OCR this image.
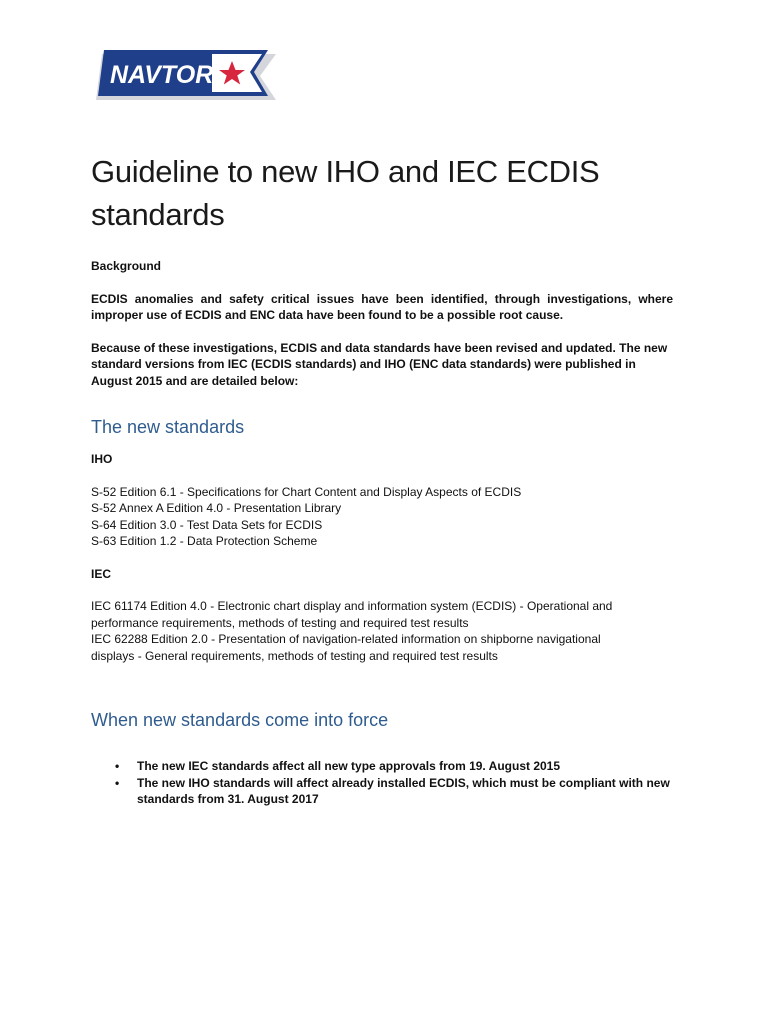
NAVTOR
Guideline to new IHO and IEC ECDIS standards

Background

ECDIS anomalies and safety critical issues have been identified, through investigations, where improper use of ECDIS and ENC data have been found to be a possible root cause.

Because of these investigations, ECDIS and data standards have been revised and updated. The new
standard versions from IEC (ECDIS standards) and IHO (ENC data standards) were published in
August 2015 and are detailed below:

The new standards

IHO

S-52 Edition 6.1 - Specifications for Chart Content and Display Aspects of ECDIS
S-52 Annex A Edition 4.0 - Presentation Library
S-64 Edition 3.0 - Test Data Sets for ECDIS
S-63 Edition 1.2 - Data Protection Scheme

IEC

IEC 61174 Edition 4.0 - Electronic chart display and information system (ECDIS) - Operational and
performance requirements, methods of testing and required test results
IEC 62288 Edition 2.0 - Presentation of navigation-related information on shipborne navigational
displays - General requirements, methods of testing and required test results
When new standards come into force
• The new IEC standards affect all new type approvals from 19. August 2015
• The new IHO standards will affect already installed ECDIS, which must be compliant with new standards from 31. August 2017
